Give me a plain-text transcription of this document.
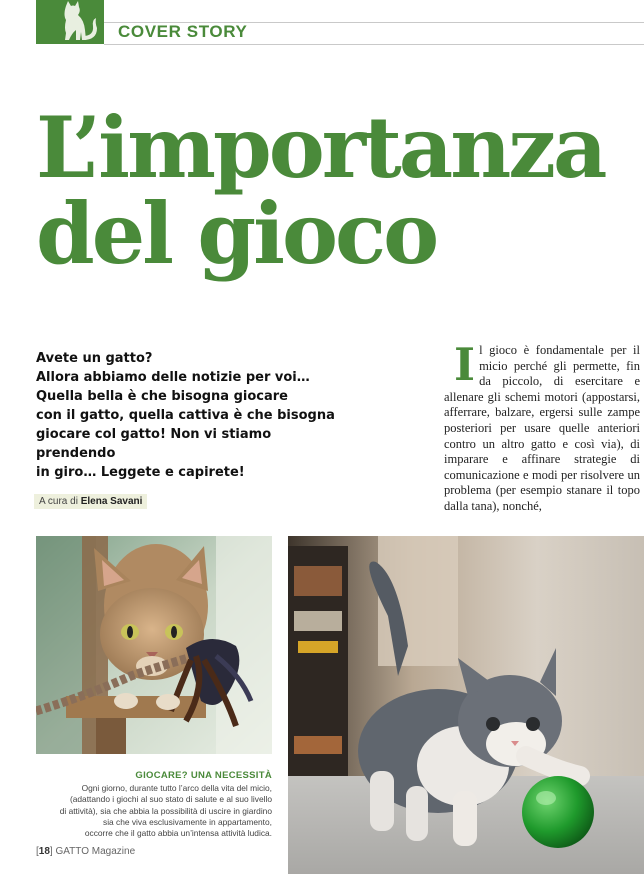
COVER STORY
L’importanza
del gioco

Avete un gatto?
Allora abbiamo delle notizie per voi…
Quella bella è che bisogna giocare
con il gatto, quella cattiva è che bisogna
giocare col gatto! Non vi stiamo prendendo
in giro… Leggete e capirete!

A cura di Elena Savani

Il gioco è fondamentale per il micio perché gli permette, fin da piccolo, di esercitare e allenare gli schemi motori (appostarsi, afferrare, balzare, ergersi sulle zampe posteriori per usare quelle anteriori contro un altro gatto e così via), di imparare e affinare strategie di comunicazione e modi per risolvere un problema (per esempio stanare il topo dalla tana), nonché,

GIOCARE? UNA NECESSITÀ

Ogni giorno, durante tutto l’arco della vita del micio,
(adattando i giochi al suo stato di salute e al suo livello
di attività), sia che abbia la possibilità di uscire in giardino
sia che viva esclusivamente in appartamento,
occorre che il gatto abbia un’intensa attività ludica.

[18] GATTO Magazine
